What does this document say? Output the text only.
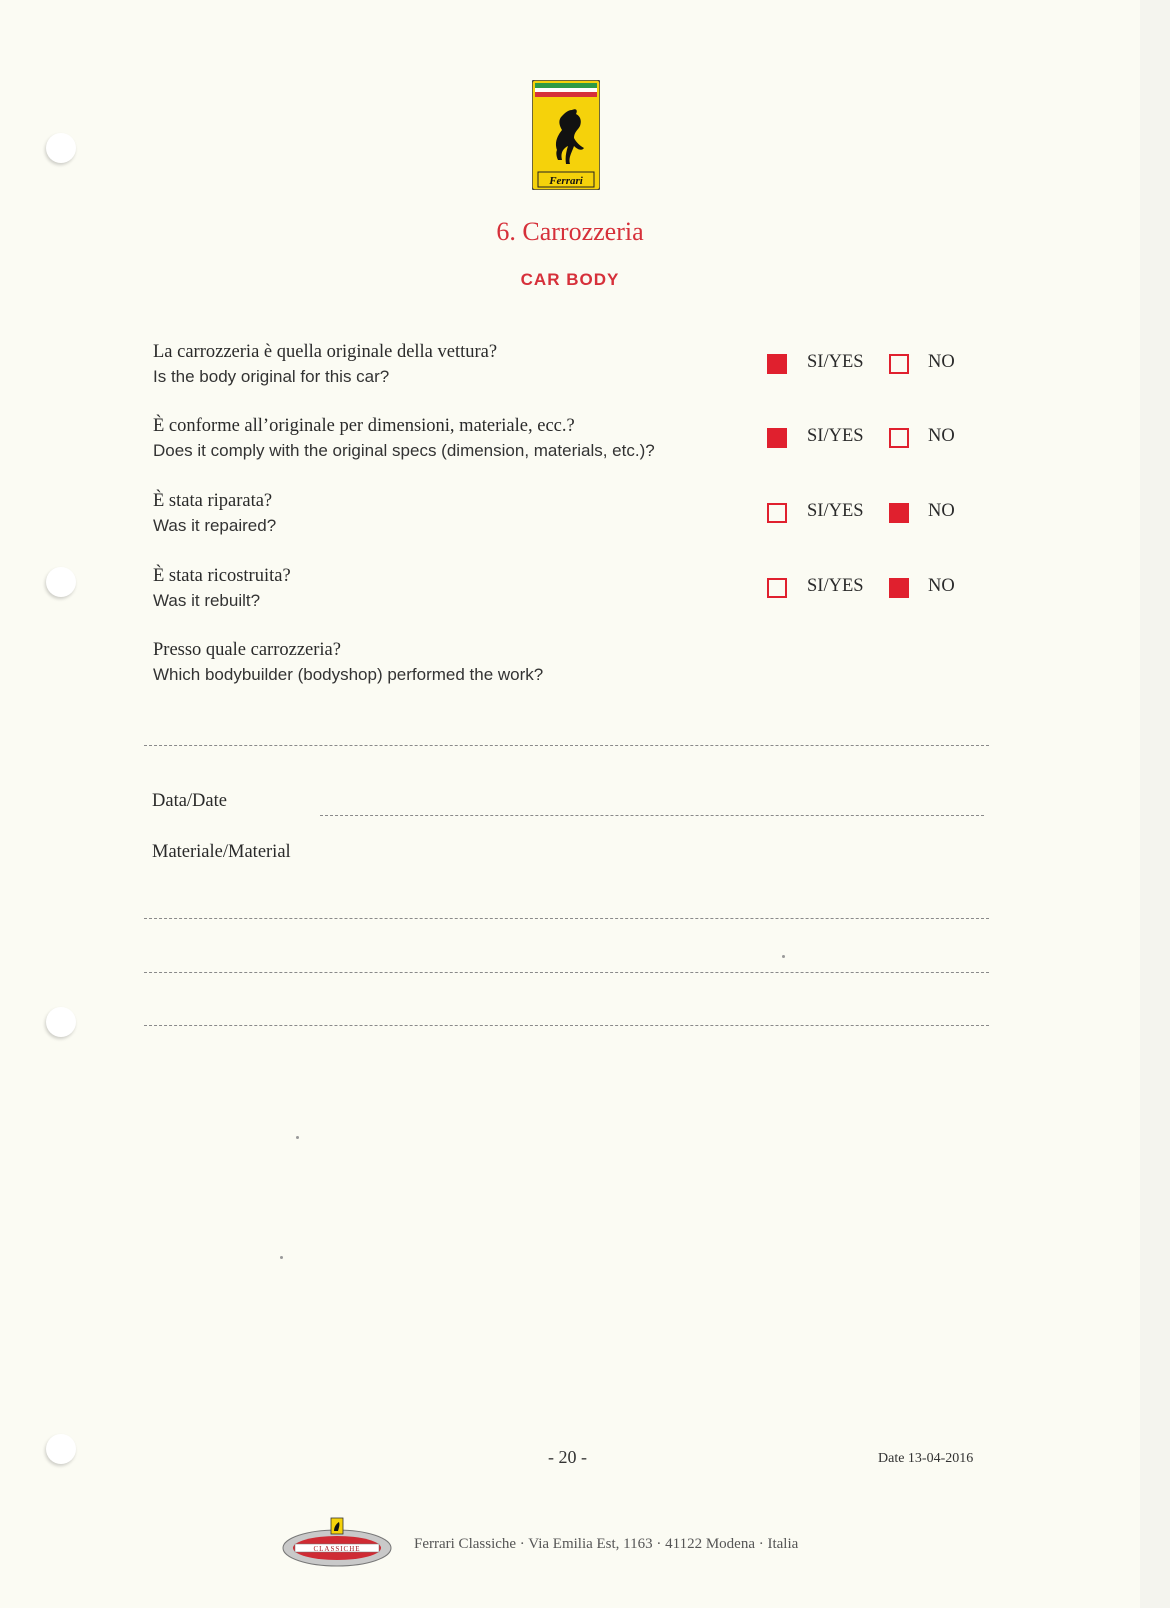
Ferrari
6. Carrozzeria
CAR BODY
La carrozzeria è quella originale della vettura?
Is the body original for this car?
SI/YES	NO
È conforme all’originale per dimensioni, materiale, ecc.?
Does it comply with the original specs (dimension, materials, etc.)?
SI/YES	NO
È stata riparata?
Was it repaired?
SI/YES	NO
È stata ricostruita?
Was it rebuilt?
SI/YES	NO
Presso quale carrozzeria?
Which bodybuilder (bodyshop) performed the work?
Data/Date
Materiale/Material
- 20 -	Date 13-04-2016
CLASSICHE	Ferrari Classiche · Via Emilia Est, 1163 · 41122 Modena · Italia
